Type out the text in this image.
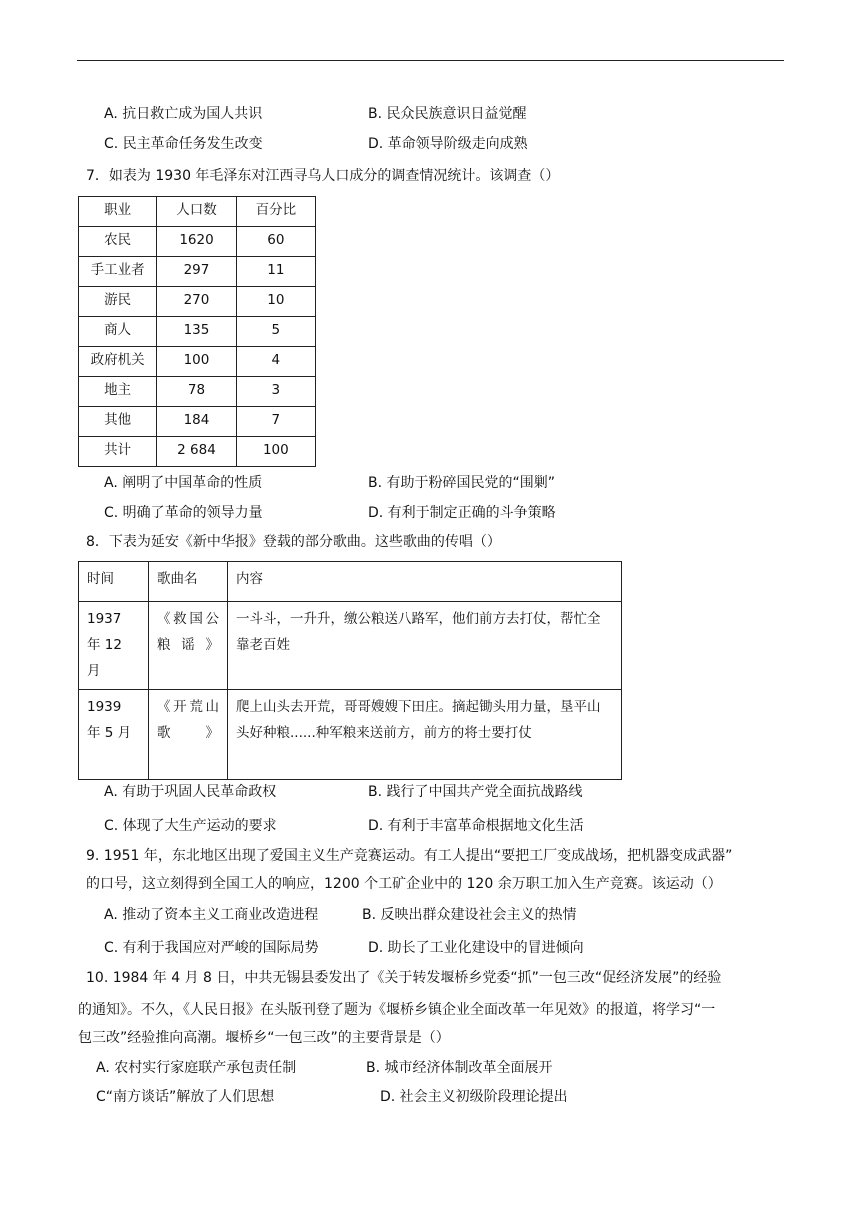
A. 抗日救亡成为国人共识	B. 民众民族意识日益觉醒
C. 民主革命任务发生改变	D. 革命领导阶级走向成熟
7．如表为 1930 年毛泽东对江西寻乌人口成分的调查情况统计。该调查（）
职业	人口数	百分比
农民	1620	60
手工业者	297	11
游民	270	10
商人	135	5
政府机关	100	4
地主	78	3
其他	184	7
共计	2 684	100
A. 阐明了中国革命的性质	B. 有助于粉碎国民党的“围剿”
C. 明确了革命的领导力量	D. 有利于制定正确的斗争策略
8．下表为延安《新中华报》登载的部分歌曲。这些歌曲的传唱（）
时间	歌曲名	内容

1937 年 12 月	《救国公粮谣》	一斗斗，一升升，缴公粮送八路军，他们前方去打仗，帮忙全靠老百姓

1939 年 5 月	《开荒山歌》	爬上山头去开荒，哥哥嫂嫂下田庄。摘起锄头用力量，垦平山头好种粮......种军粮来送前方，前方的将士要打仗
A. 有助于巩固人民革命政权	B. 践行了中国共产党全面抗战路线
C. 体现了大生产运动的要求	D. 有利于丰富革命根据地文化生活
9. 1951 年，东北地区出现了爱国主义生产竞赛运动。有工人提出“要把工厂变成战场，把机器变成武器”
的口号，这立刻得到全国工人的响应，1200 个工矿企业中的 120 余万职工加入生产竞赛。该运动（）
A. 推动了资本主义工商业改造进程	B. 反映出群众建设社会主义的热情
C. 有利于我国应对严峻的国际局势	D. 助长了工业化建设中的冒进倾向
10. 1984 年 4 月 8 日，中共无锡县委发出了《关于转发堰桥乡党委“抓”一包三改“促经济发展”的经验
的通知》。不久，《人民日报》在头版刊登了题为《堰桥乡镇企业全面改革一年见效》的报道，将学习“一
包三改”经验推向高潮。堰桥乡“一包三改”的主要背景是（）
A. 农村实行家庭联产承包责任制	B. 城市经济体制改革全面展开
C“南方谈话”解放了人们思想	D. 社会主义初级阶段理论提出
